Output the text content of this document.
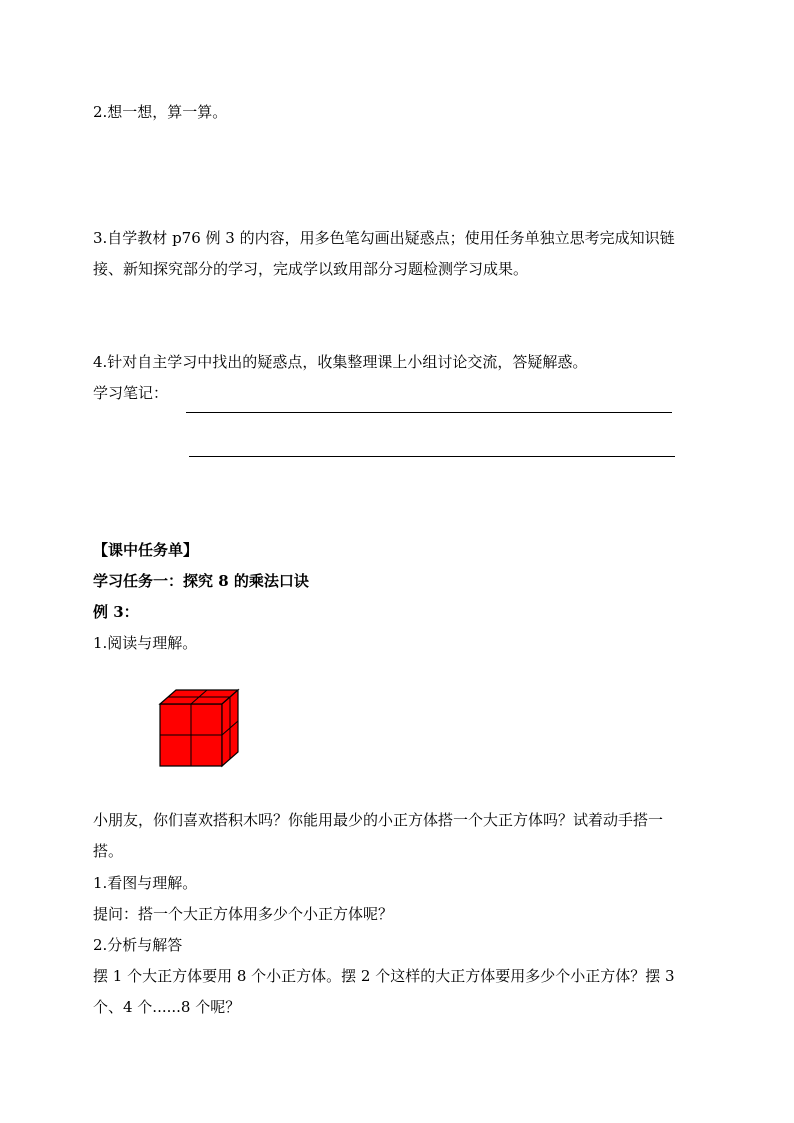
2.想一想，算一算。
3.自学教材 p76 例 3 的内容，用多色笔勾画出疑惑点；使用任务单独立思考完成知识链
接、新知探究部分的学习，完成学以致用部分习题检测学习成果。
4.针对自主学习中找出的疑惑点，收集整理课上小组讨论交流，答疑解惑。
学习笔记：
【课中任务单】
学习任务一：探究 8 的乘法口诀
例 3：
1.阅读与理解。
小朋友，你们喜欢搭积木吗？你能用最少的小正方体搭一个大正方体吗？试着动手搭一
搭。
1.看图与理解。
提问：搭一个大正方体用多少个小正方体呢？
2.分析与解答
摆 1 个大正方体要用 8 个小正方体。摆 2 个这样的大正方体要用多少个小正方体？摆 3
个、4 个......8 个呢？
